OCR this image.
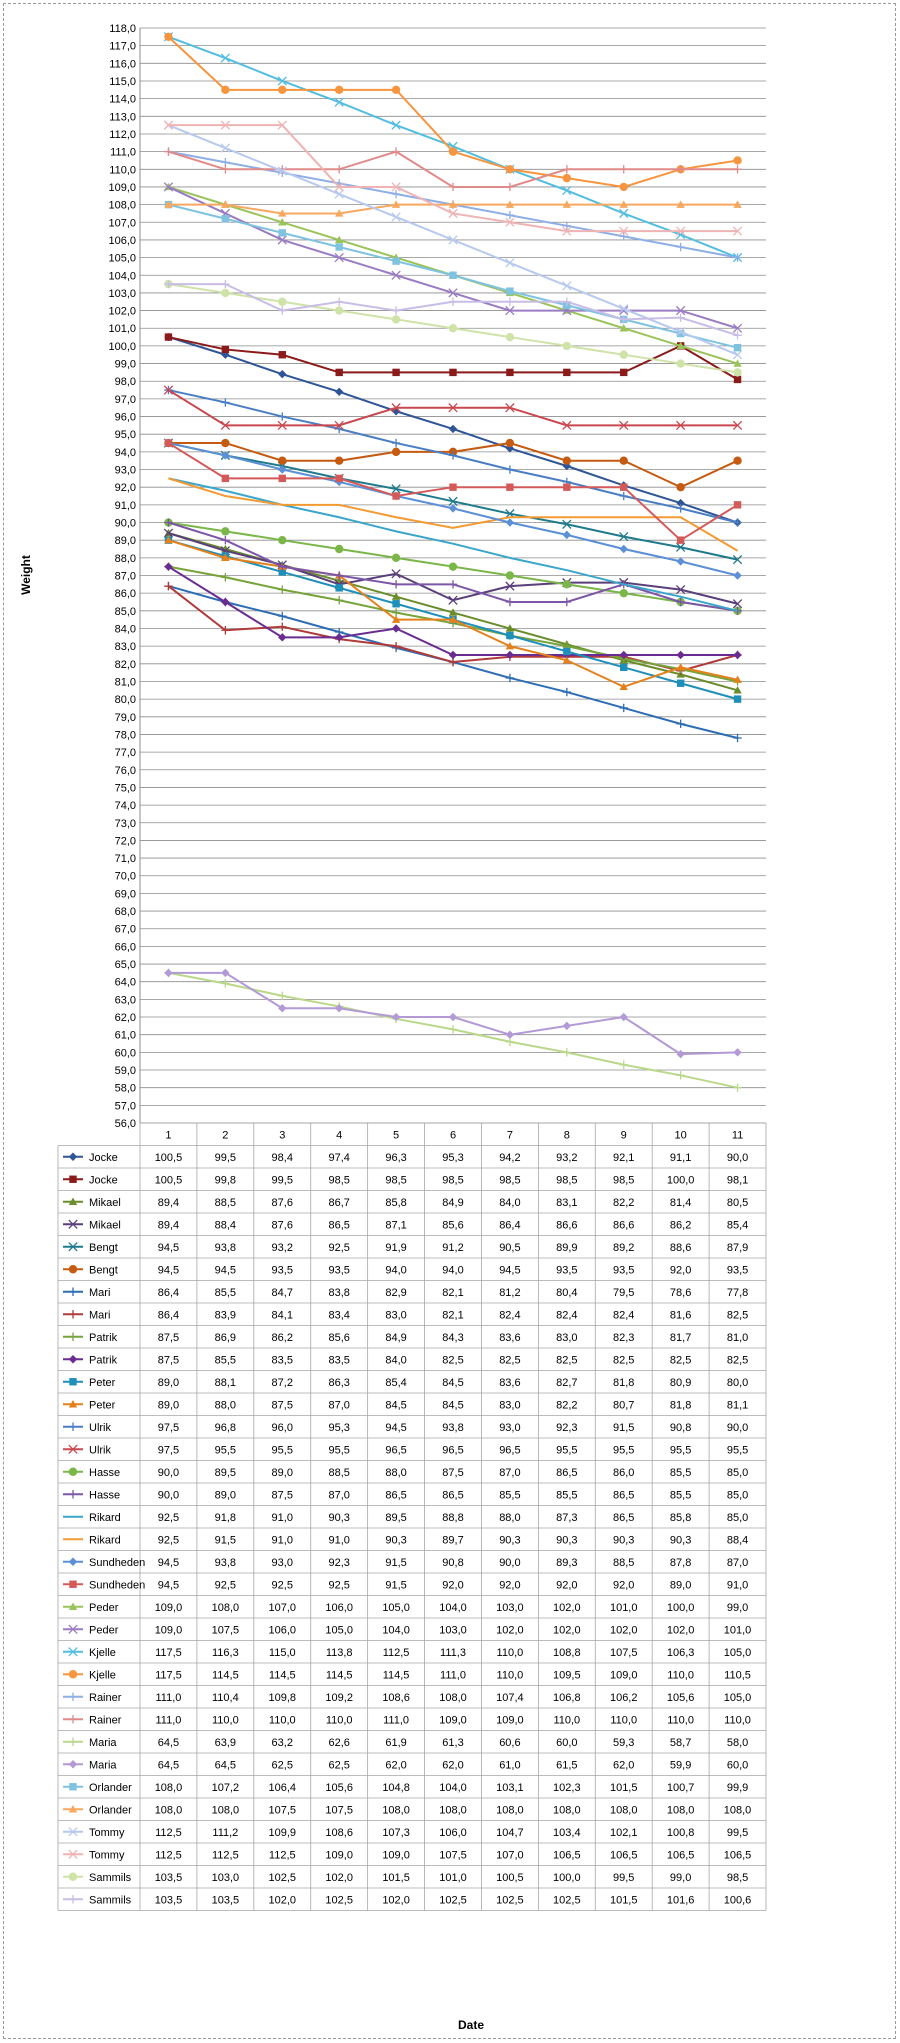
56,0
57,0
58,0
59,0
60,0
61,0
62,0
63,0
64,0
65,0
66,0
67,0
68,0
69,0
70,0
71,0
72,0
73,0
74,0
75,0
76,0
77,0
78,0
79,0
80,0
81,0
82,0
83,0
84,0
85,0
86,0
87,0
88,0
89,0
90,0
91,0
92,0
93,0
94,0
95,0
96,0
97,0
98,0
99,0
100,0
101,0
102,0
103,0
104,0
105,0
106,0
107,0
108,0
109,0
110,0
111,0
112,0
113,0
114,0
115,0
116,0
117,0
118,0
1	2	3	4	5	6	7	8	9	10	11
Jocke	100,5	99,5	98,4	97,4	96,3	95,3	94,2	93,2	92,1	91,1	90,0
Jocke	100,5	99,8	99,5	98,5	98,5	98,5	98,5	98,5	98,5	100,0	98,1
Mikael	89,4	88,5	87,6	86,7	85,8	84,9	84,0	83,1	82,2	81,4	80,5
Mikael	89,4	88,4	87,6	86,5	87,1	85,6	86,4	86,6	86,6	86,2	85,4
Bengt	94,5	93,8	93,2	92,5	91,9	91,2	90,5	89,9	89,2	88,6	87,9
Bengt	94,5	94,5	93,5	93,5	94,0	94,0	94,5	93,5	93,5	92,0	93,5
Mari	86,4	85,5	84,7	83,8	82,9	82,1	81,2	80,4	79,5	78,6	77,8
Mari	86,4	83,9	84,1	83,4	83,0	82,1	82,4	82,4	82,4	81,6	82,5
Patrik	87,5	86,9	86,2	85,6	84,9	84,3	83,6	83,0	82,3	81,7	81,0
Patrik	87,5	85,5	83,5	83,5	84,0	82,5	82,5	82,5	82,5	82,5	82,5
Peter	89,0	88,1	87,2	86,3	85,4	84,5	83,6	82,7	81,8	80,9	80,0
Peter	89,0	88,0	87,5	87,0	84,5	84,5	83,0	82,2	80,7	81,8	81,1
Ulrik	97,5	96,8	96,0	95,3	94,5	93,8	93,0	92,3	91,5	90,8	90,0
Ulrik	97,5	95,5	95,5	95,5	96,5	96,5	96,5	95,5	95,5	95,5	95,5
Hasse	90,0	89,5	89,0	88,5	88,0	87,5	87,0	86,5	86,0	85,5	85,0
Hasse	90,0	89,0	87,5	87,0	86,5	86,5	85,5	85,5	86,5	85,5	85,0
Rikard	92,5	91,8	91,0	90,3	89,5	88,8	88,0	87,3	86,5	85,8	85,0
Rikard	92,5	91,5	91,0	91,0	90,3	89,7	90,3	90,3	90,3	90,3	88,4
Sundheden 94,5	93,8	93,0	92,3	91,5	90,8	90,0	89,3	88,5	87,8	87,0
Sundheden 94,5	92,5	92,5	92,5	91,5	92,0	92,0	92,0	92,0	89,0	91,0
Peder	109,0	108,0	107,0	106,0	105,0	104,0	103,0	102,0	101,0	100,0	99,0
Peder	109,0	107,5	106,0	105,0	104,0	103,0	102,0	102,0	102,0	102,0	101,0
Kjelle	117,5	116,3	115,0	113,8	112,5	111,3	110,0	108,8	107,5	106,3	105,0
Kjelle	117,5	114,5	114,5	114,5	114,5	111,0	110,0	109,5	109,0	110,0	110,5
Rainer	111,0	110,4	109,8	109,2	108,6	108,0	107,4	106,8	106,2	105,6	105,0
Rainer	111,0	110,0	110,0	110,0	111,0	109,0	109,0	110,0	110,0	110,0	110,0
Maria	64,5	63,9	63,2	62,6	61,9	61,3	60,6	60,0	59,3	58,7	58,0
Maria	64,5	64,5	62,5	62,5	62,0	62,0	61,0	61,5	62,0	59,9	60,0
Orlander 108,0	107,2	106,4	105,6	104,8	104,0	103,1	102,3	101,5	100,7	99,9
Orlander 108,0	108,0	107,5	107,5	108,0	108,0	108,0	108,0	108,0	108,0	108,0
Tommy	112,5	111,2	109,9	108,6	107,3	106,0	104,7	103,4	102,1	100,8	99,5
Tommy	112,5	112,5	112,5	109,0	109,0	107,5	107,0	106,5	106,5	106,5	106,5
Sammils 103,5	103,0	102,5	102,0	101,5	101,0	100,5	100,0	99,5	99,0	98,5
Sammils 103,5	103,5	102,0	102,5	102,0	102,5	102,5	102,5	101,5	101,6	100,6
Weight
Date
